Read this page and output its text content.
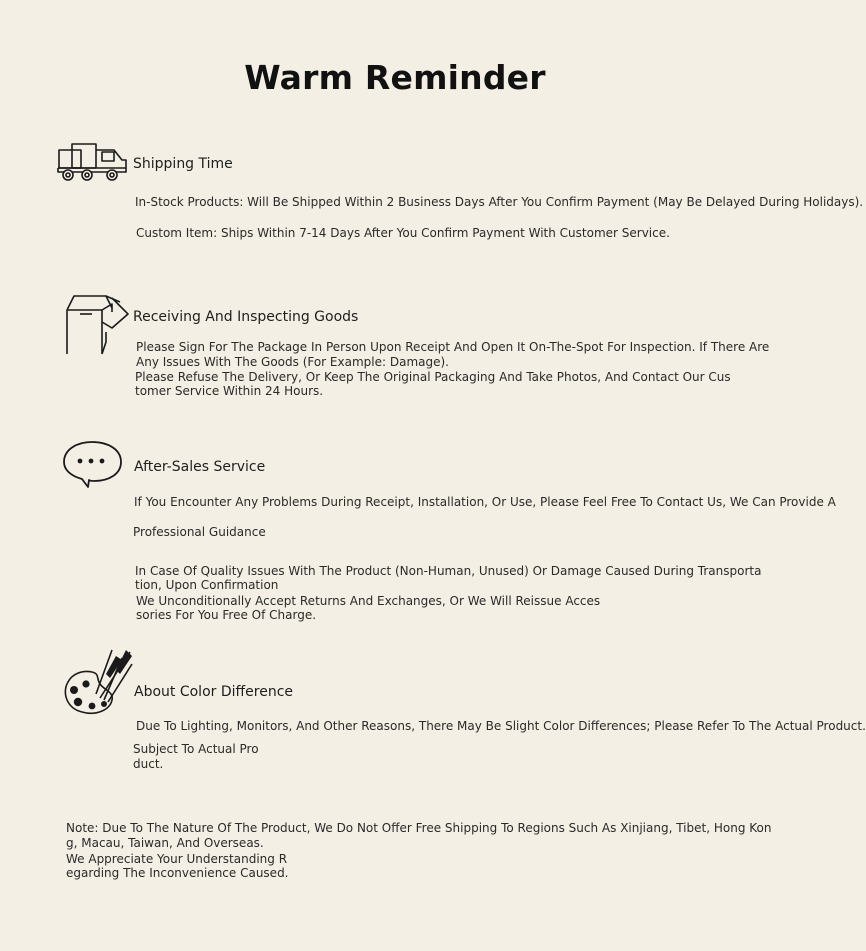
Warm Reminder
Shipping Time
In-Stock Products: Will Be Shipped Within 2 Business Days After You Confirm Payment (May Be Delayed During Holidays).
Custom Item: Ships Within 7-14 Days After You Confirm Payment With Customer Service.
Receiving And Inspecting Goods
Please Sign For The Package In Person Upon Receipt And Open It On-The-Spot For Inspection. If There Are
Any Issues With The Goods (For Example: Damage).
Please Refuse The Delivery, Or Keep The Original Packaging And Take Photos, And Contact Our Cus
tomer Service Within 24 Hours.
After-Sales Service
If You Encounter Any Problems During Receipt, Installation, Or Use, Please Feel Free To Contact Us, We Can Provide A
Professional Guidance
In Case Of Quality Issues With The Product (Non-Human, Unused) Or Damage Caused During Transporta
tion, Upon Confirmation
We Unconditionally Accept Returns And Exchanges, Or We Will Reissue Acces
sories For You Free Of Charge.
About Color Difference
Due To Lighting, Monitors, And Other Reasons, There May Be Slight Color Differences; Please Refer To The Actual Product.
Subject To Actual Pro
duct.
Note: Due To The Nature Of The Product, We Do Not Offer Free Shipping To Regions Such As Xinjiang, Tibet, Hong Kon
g, Macau, Taiwan, And Overseas.
We Appreciate Your Understanding R
egarding The Inconvenience Caused.
